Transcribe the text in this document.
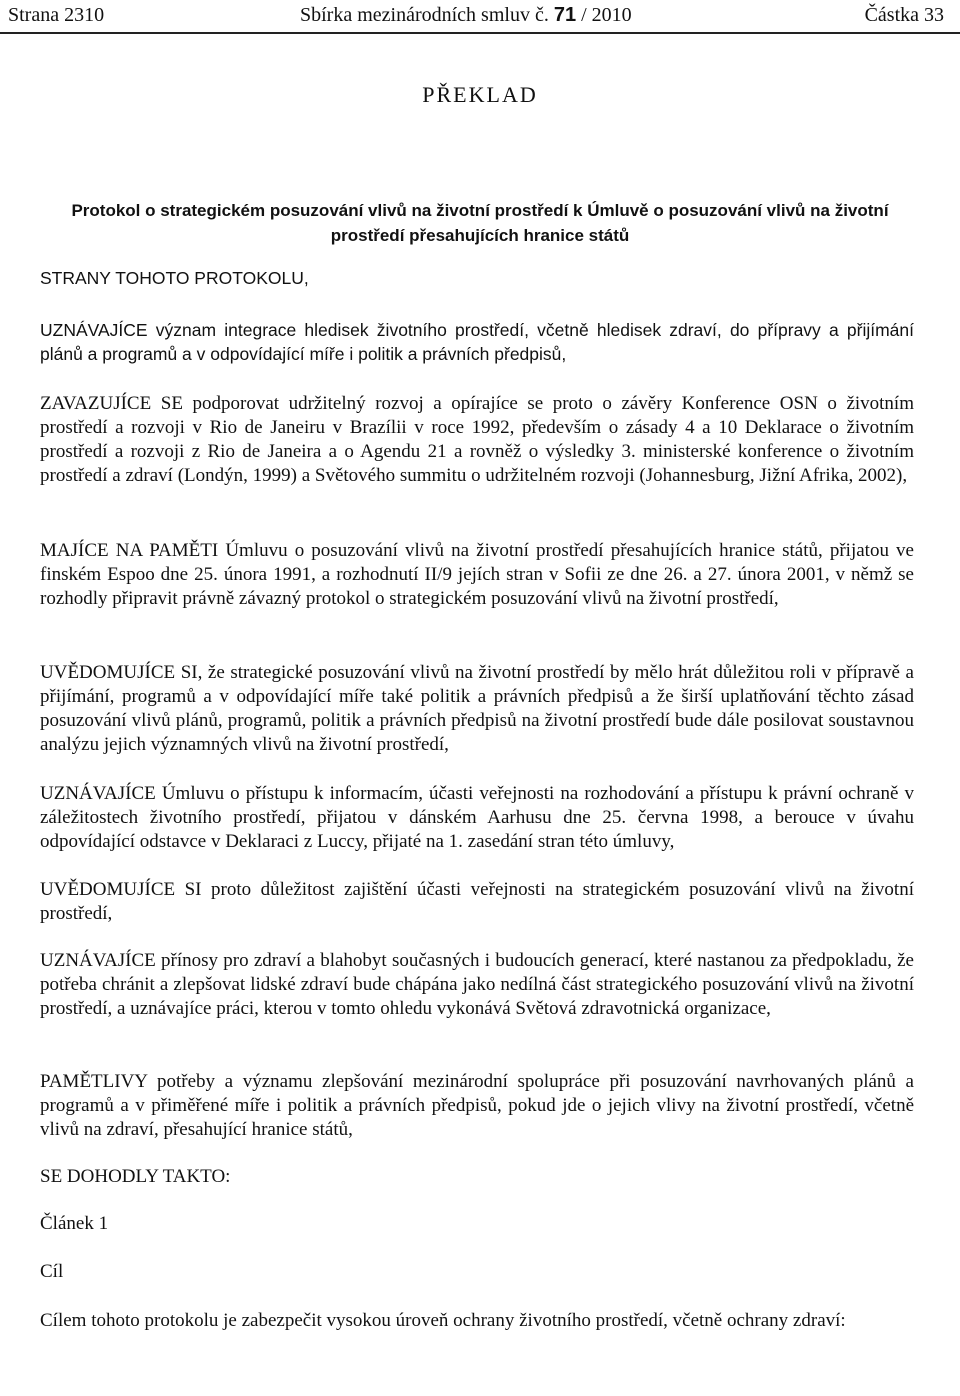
Strana 2310	Sbírka mezinárodních smluv č. 71 / 2010	Částka 33
PŘEKLAD
Protokol o strategickém posuzování vlivů na životní prostředí k Úmluvě o posuzování vlivů na životní prostředí přesahujících hranice států

STRANY TOHOTO PROTOKOLU,

UZNÁVAJÍCE význam integrace hledisek životního prostředí, včetně hledisek zdraví, do přípravy a přijímání plánů a programů a v odpovídající míře i politik a právních předpisů,

ZAVAZUJÍCE SE podporovat udržitelný rozvoj a opírajíce se proto o závěry Konference OSN o životním prostředí a rozvoji v Rio de Janeiru v Brazílii v roce 1992, především o zásady 4 a 10 Deklarace o životním prostředí a rozvoji z Rio de Janeira a o Agendu 21 a rovněž o výsledky 3. ministerské konference o životním prostředí a zdraví (Londýn, 1999) a Světového summitu o udržitelném rozvoji (Johannesburg, Jižní Afrika, 2002),

MAJÍCE NA PAMĚTI Úmluvu o posuzování vlivů na životní prostředí přesahujících hranice států, přijatou ve finském Espoo dne 25. února 1991, a rozhodnutí II/9 jejích stran v Sofii ze dne 26. a 27. února 2001, v němž se rozhodly připravit právně závazný protokol o strategickém posuzování vlivů na životní prostředí,

UVĚDOMUJÍCE SI, že strategické posuzování vlivů na životní prostředí by mělo hrát důležitou roli v přípravě a přijímání, programů a v odpovídající míře také politik a právních předpisů a že širší uplatňování těchto zásad posuzování vlivů plánů, programů, politik a právních předpisů na životní prostředí bude dále posilovat soustavnou analýzu jejich významných vlivů na životní prostředí,

UZNÁVAJÍCE Úmluvu o přístupu k informacím, účasti veřejnosti na rozhodování a přístupu k právní ochraně v záležitostech životního prostředí, přijatou v dánském Aarhusu dne 25. června 1998, a berouce v úvahu odpovídající odstavce v Deklaraci z Luccy, přijaté na 1. zasedání stran této úmluvy,

UVĚDOMUJÍCE SI proto důležitost zajištění účasti veřejnosti na strategickém posuzování vlivů na životní prostředí,

UZNÁVAJÍCE přínosy pro zdraví a blahobyt současných i budoucích generací, které nastanou za předpokladu, že potřeba chránit a zlepšovat lidské zdraví bude chápána jako nedílná část strategického posuzování vlivů na životní prostředí, a uznávajíce práci, kterou v tomto ohledu vykonává Světová zdravotnická organizace,

PAMĚTLIVY potřeby a významu zlepšování mezinárodní spolupráce při posuzování navrhovaných plánů a programů a v přiměřené míře i politik a právních předpisů, pokud jde o jejich vlivy na životní prostředí, včetně vlivů na zdraví, přesahující hranice států,

SE DOHODLY TAKTO:

Článek 1

Cíl

Cílem tohoto protokolu je zabezpečit vysokou úroveň ochrany životního prostředí, včetně ochrany zdraví:
